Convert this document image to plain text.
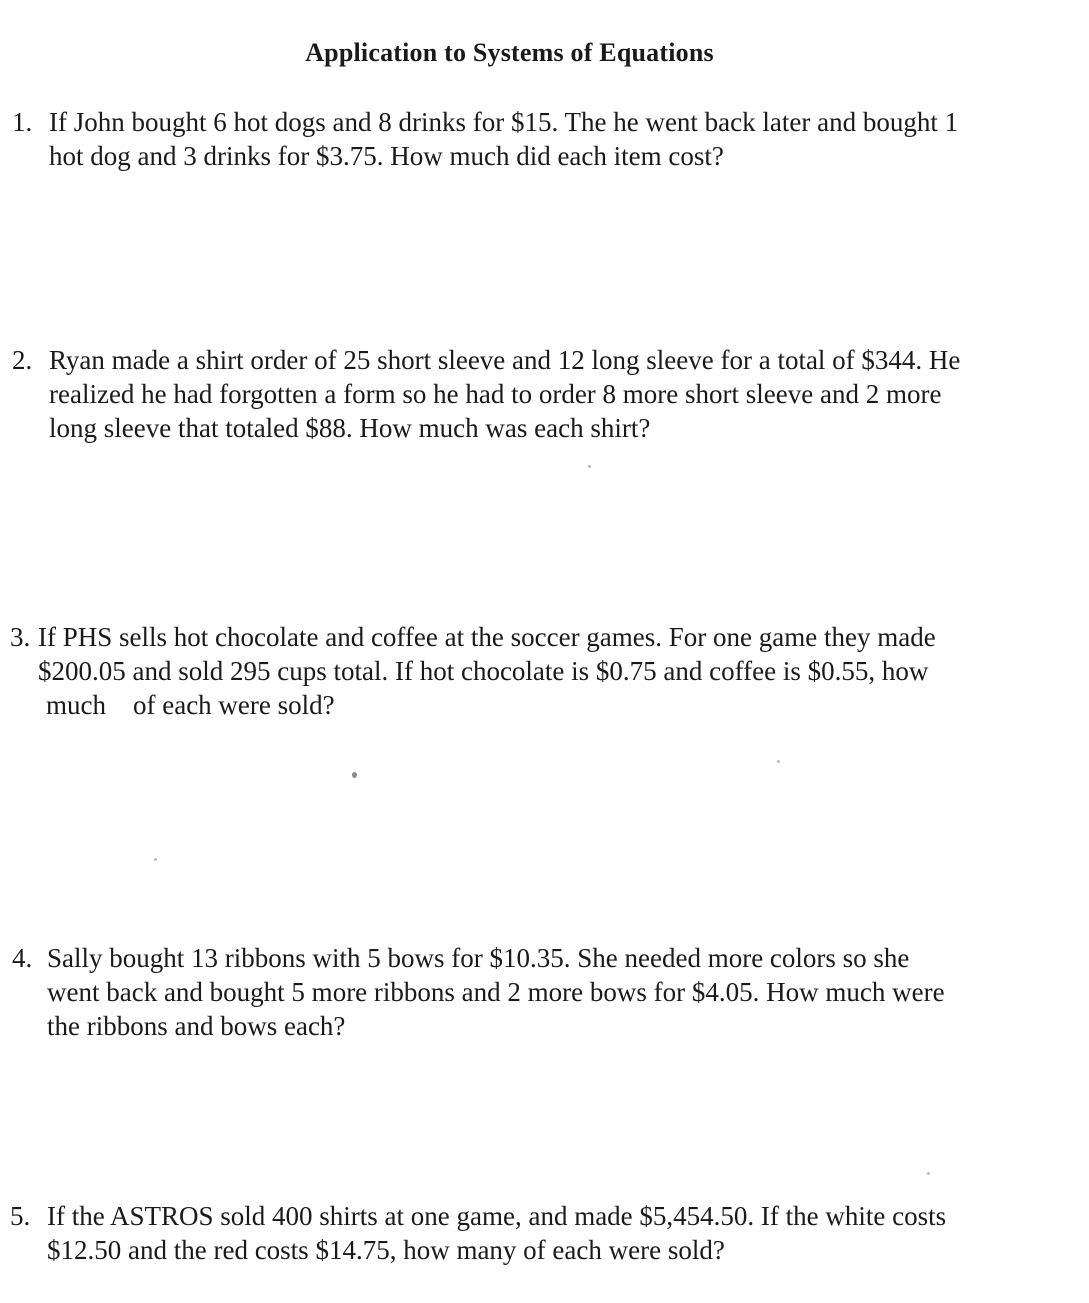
Application to Systems of Equations
1. If John bought 6 hot dogs and 8 drinks for $15. The he went back later and bought 1
hot dog and 3 drinks for $3.75. How much did each item cost?
2. Ryan made a shirt order of 25 short sleeve and 12 long sleeve for a total of $344. He
realized he had forgotten a form so he had to order 8 more short sleeve and 2 more
long sleeve that totaled $88. How much was each shirt?
3. If PHS sells hot chocolate and coffee at the soccer games. For one game they made
$200.05 and sold 295 cups total. If hot chocolate is $0.75 and coffee is $0.55, how
much    of each were sold?
4. Sally bought 13 ribbons with 5 bows for $10.35. She needed more colors so she
went back and bought 5 more ribbons and 2 more bows for $4.05. How much were
the ribbons and bows each?
5. If the ASTROS sold 400 shirts at one game, and made $5,454.50. If the white costs
$12.50 and the red costs $14.75, how many of each were sold?
